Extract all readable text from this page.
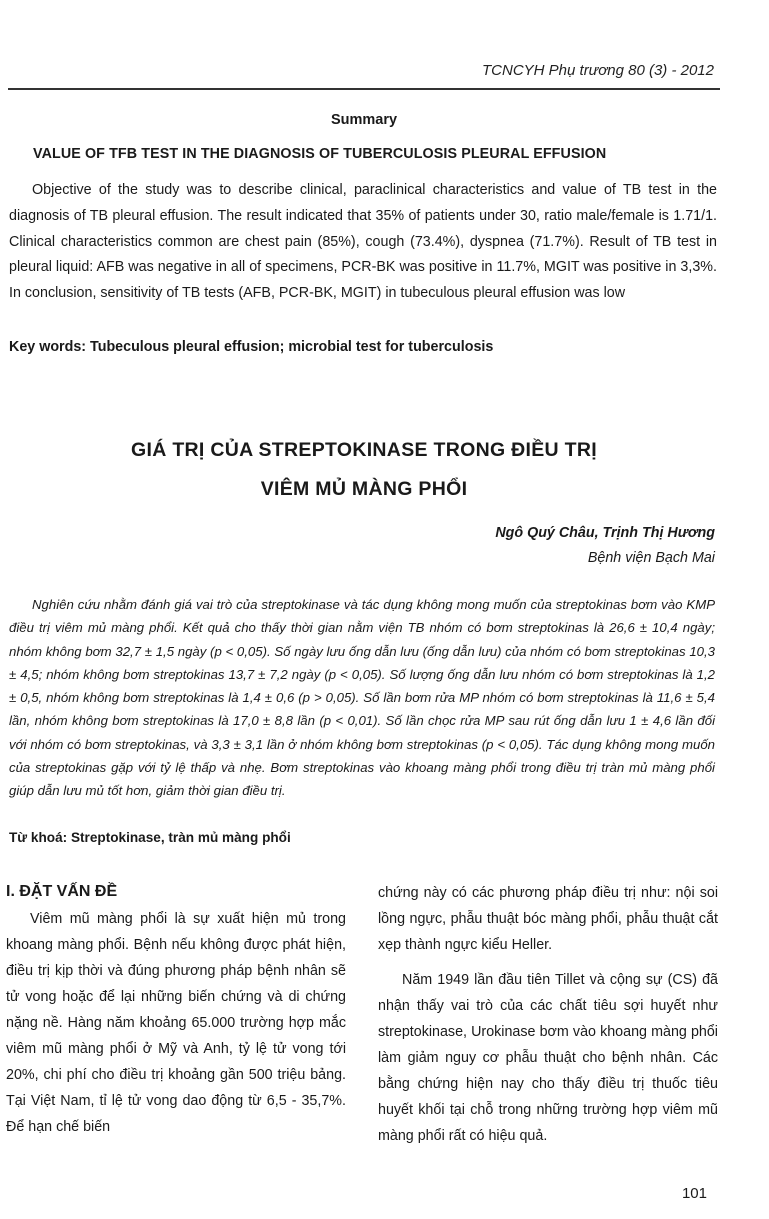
TCNCYH Phụ trương 80 (3) - 2012
Summary
VALUE OF TFB TEST IN THE DIAGNOSIS OF TUBERCULOSIS PLEURAL EFFUSION

Objective of the study was to describe clinical, paraclinical characteristics and value of TB test in the diagnosis of TB pleural effusion. The result indicated that 35% of patients under 30, ratio male/female is 1.71/1. Clinical characteristics common are chest pain (85%), cough (73.4%), dyspnea (71.7%). Result of TB test in pleural liquid: AFB was negative in all of specimens, PCR-BK was positive in 11.7%, MGIT was positive in 3,3%. In conclusion, sensitivity of TB tests (AFB, PCR-BK, MGIT) in tubeculous pleural effusion was low

Key words: Tubeculous pleural effusion; microbial test for tuberculosis
GIÁ TRỊ CỦA STREPTOKINASE TRONG ĐIỀU TRỊ
VIÊM MỦ MÀNG PHỔI
Ngô Quý Châu, Trịnh Thị Hương
Bệnh viện Bạch Mai

Nghiên cứu nhằm đánh giá vai trò của streptokinase và tác dụng không mong muốn của streptokinas bơm vào KMP điều trị viêm mủ màng phổi. Kết quả cho thấy thời gian nằm viện TB nhóm có bơm streptokinas là 26,6 ± 10,4 ngày; nhóm không bơm 32,7 ± 1,5 ngày (p < 0,05). Số ngày lưu ống dẫn lưu (ống dẫn lưu) của nhóm có bơm streptokinas 10,3 ± 4,5; nhóm không bơm streptokinas 13,7 ± 7,2 ngày (p < 0,05). Số lượng ống dẫn lưu nhóm có bơm streptokinas là 1,2 ± 0,5, nhóm không bơm streptokinas là 1,4 ± 0,6 (p > 0,05). Số lần bơm rửa MP nhóm có bơm streptokinas là 11,6 ± 5,4 lần, nhóm không bơm streptokinas là 17,0 ± 8,8 lần (p < 0,01). Số lần chọc rửa MP sau rút ống dẫn lưu 1 ± 4,6 lần đối với nhóm có bơm streptokinas, và 3,3 ± 3,1 lần ở nhóm không bơm streptokinas (p < 0,05). Tác dụng không mong muốn của streptokinas gặp với tỷ lệ thấp và nhẹ. Bơm streptokinas vào khoang màng phổi trong điều trị tràn mủ màng phổi giúp dẫn lưu mủ tốt hơn, giảm thời gian điều trị.

Từ khoá: Streptokinase, tràn mủ màng phổi
I. ĐẶT VẤN ĐỀ

Viêm mũ màng phổi là sự xuất hiện mủ trong khoang màng phổi. Bệnh nếu không được phát hiện, điều trị kịp thời và đúng phương pháp bệnh nhân sẽ tử vong hoặc để lại những biến chứng và di chứng nặng nề. Hàng năm khoảng 65.000 trường hợp mắc viêm mũ màng phổi ở Mỹ và Anh, tỷ lệ tử vong tới 20%, chi phí cho điều trị khoảng gần 500 triệu bảng. Tại Việt Nam, tỉ lệ tử vong dao động từ 6,5 - 35,7%. Để hạn chế biến

chứng này có các phương pháp điều trị như: nội soi lồng ngực, phẫu thuật bóc màng phổi, phẫu thuật cắt xẹp thành ngực kiểu Heller.

Năm 1949 lần đầu tiên Tillet và cộng sự (CS) đã nhận thấy vai trò của các chất tiêu sợi huyết như streptokinase, Urokinase bơm vào khoang màng phổi làm giảm nguy cơ phẫu thuật cho bệnh nhân. Các bằng chứng hiện nay cho thấy điều trị thuốc tiêu huyết khối tại chỗ trong những trường hợp viêm mũ màng phổi rất có hiệu quả.

101
